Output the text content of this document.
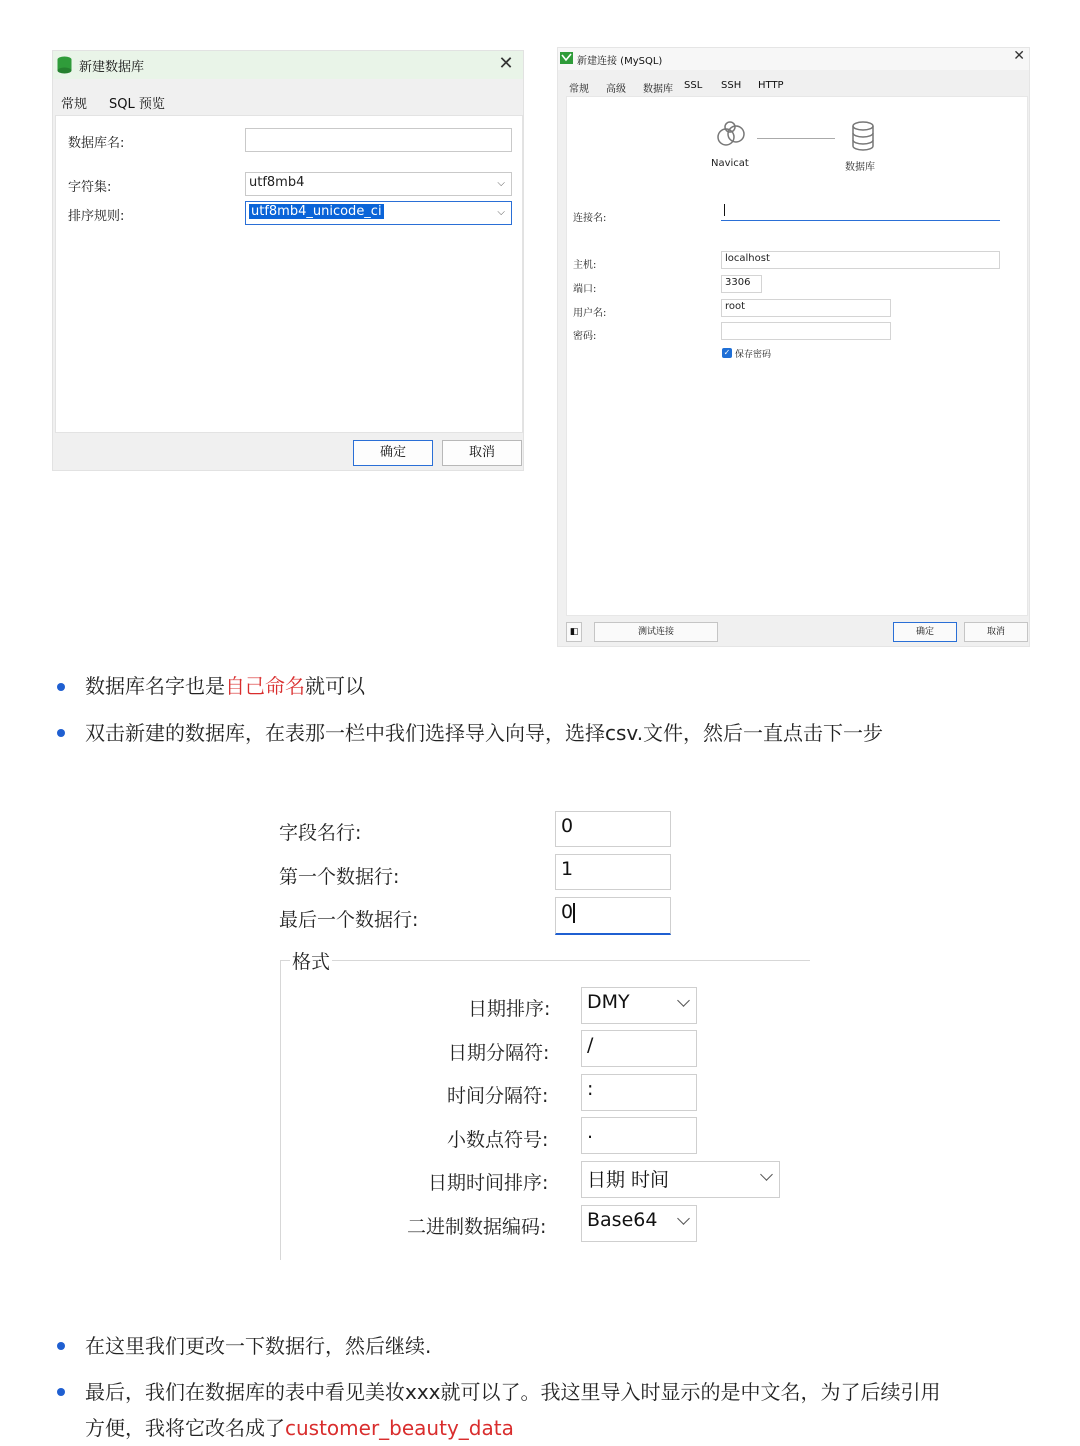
新建数据库	✕
常规 SQL 预览
数据库名:
字符集:	utf8mb4	⌵
排序规则:	utf8mb4_unicode_ci	⌵
确定	取消
新建连接 (MySQL)	✕
常规 高级 数据库 SSL SSH HTTP
Navicat	数据库
连接名:
主机:
localhost
端口:
3306
用户名:
root
密码:
✓ 保存密码
◧	测试连接	确定	取消
数据库名字也是自己命名就可以
双击新建的数据库，在表那一栏中我们选择导入向导，选择csv.文件，然后一直点击下一步
字段名行:	0
第一个数据行:	1
最后一个数据行:	0
格式
日期排序:	DMY
日期分隔符:	/
时间分隔符:	:
小数点符号:	.
日期时间排序:	日期 时间
二进制数据编码:	Base64
在这里我们更改一下数据行，然后继续.
最后，我们在数据库的表中看见美妆xxx就可以了。我这里导入时显示的是中文名，为了后续引用
方便，我将它改名成了customer_beauty_data
